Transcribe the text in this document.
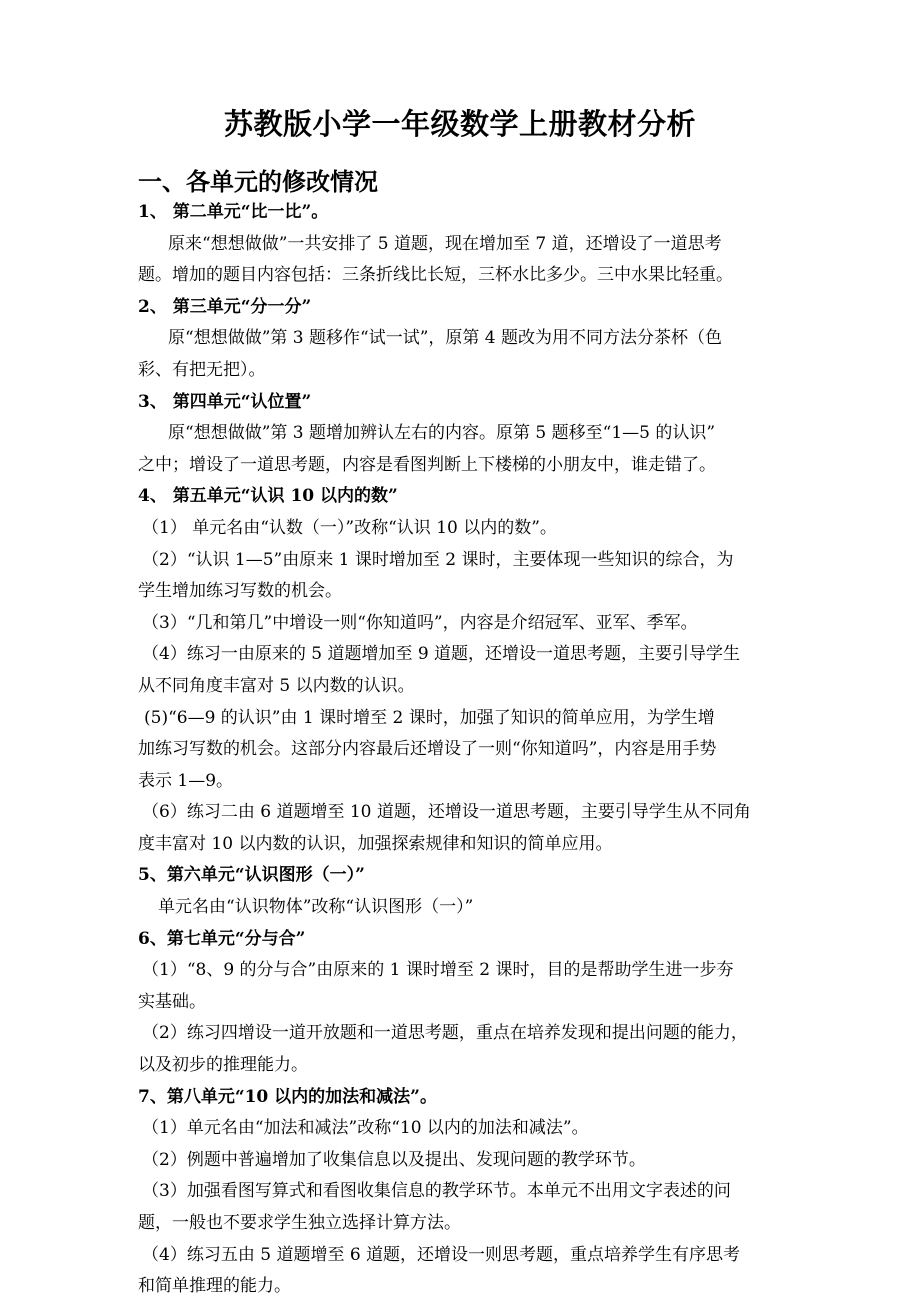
苏教版小学一年级数学上册教材分析
一、各单元的修改情况
1、 第二单元“比一比”。
原来“想想做做”一共安排了 5 道题，现在增加至 7 道，还增设了一道思考
题。增加的题目内容包括：三条折线比长短，三杯水比多少。三中水果比轻重。
2、 第三单元“分一分”
原“想想做做”第 3 题移作“试一试”，原第 4 题改为用不同方法分茶杯（色
彩、有把无把）。
3、 第四单元“认位置”
原“想想做做”第 3 题增加辨认左右的内容。原第 5 题移至“1—5 的认识”
之中；增设了一道思考题，内容是看图判断上下楼梯的小朋友中，谁走错了。
4、 第五单元“认识 10 以内的数”
（1） 单元名由“认数（一）”改称“认识 10 以内的数”。
（2）“认识 1—5”由原来 1 课时增加至 2 课时，主要体现一些知识的综合，为
学生增加练习写数的机会。
（3）“几和第几”中增设一则“你知道吗”，内容是介绍冠军、亚军、季军。
（4）练习一由原来的 5 道题增加至 9 道题，还增设一道思考题，主要引导学生
从不同角度丰富对 5 以内数的认识。
(5)“6—9 的认识”由 1 课时增至 2 课时，加强了知识的简单应用，为学生增
加练习写数的机会。这部分内容最后还增设了一则“你知道吗”，内容是用手势
表示 1—9。
（6）练习二由 6 道题增至 10 道题，还增设一道思考题，主要引导学生从不同角
度丰富对 10 以内数的认识，加强探索规律和知识的简单应用。
5、第六单元“认识图形（一）”
单元名由“认识物体”改称“认识图形（一）”
6、第七单元“分与合”
（1）“8、9 的分与合”由原来的 1 课时增至 2 课时，目的是帮助学生进一步夯
实基础。
（2）练习四增设一道开放题和一道思考题，重点在培养发现和提出问题的能力，
以及初步的推理能力。
7、第八单元“10 以内的加法和减法”。
（1）单元名由“加法和减法”改称“10 以内的加法和减法”。
（2）例题中普遍增加了收集信息以及提出、发现问题的教学环节。
（3）加强看图写算式和看图收集信息的教学环节。本单元不出用文字表述的问
题，一般也不要求学生独立选择计算方法。
（4）练习五由 5 道题增至 6 道题，还增设一则思考题，重点培养学生有序思考
和简单推理的能力。
